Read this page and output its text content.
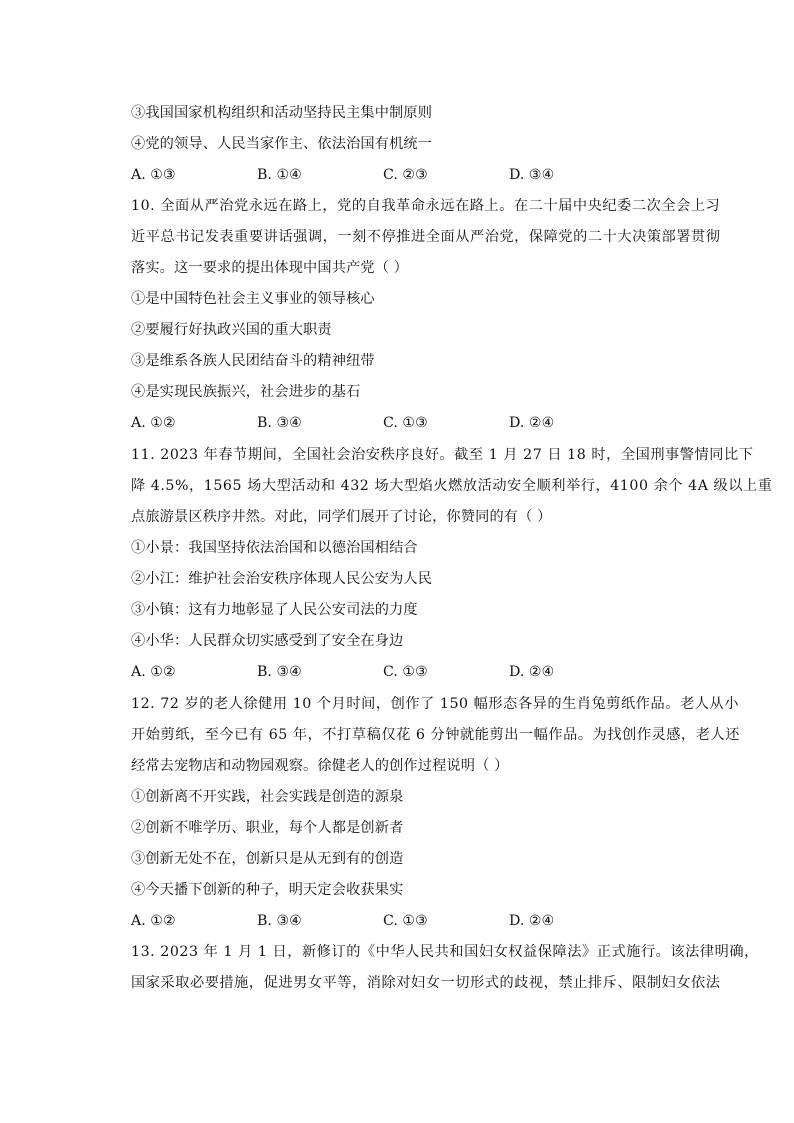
③我国国家机构组织和活动坚持民主集中制原则
④党的领导、人民当家作主、依法治国有机统一
A. ①③	B. ①④	C. ②③	D. ③④
10. 全面从严治党永远在路上，党的自我革命永远在路上。在二十届中央纪委二次全会上习
近平总书记发表重要讲话强调，一刻不停推进全面从严治党，保障党的二十大决策部署贯彻
落实。这一要求的提出体现中国共产党（ ）
①是中国特色社会主义事业的领导核心
②要履行好执政兴国的重大职责
③是维系各族人民团结奋斗的精神纽带
④是实现民族振兴，社会进步的基石
A. ①②	B. ③④	C. ①③	D. ②④
11. 2023 年春节期间，全国社会治安秩序良好。截至 1 月 27 日 18 时，全国刑事警情同比下
降 4.5%，1565 场大型活动和 432 场大型焰火燃放活动安全顺利举行，4100 余个 4A 级以上重
点旅游景区秩序井然。对此，同学们展开了讨论，你赞同的有（ ）
①小景：我国坚持依法治国和以德治国相结合
②小江：维护社会治安秩序体现人民公安为人民
③小镇：这有力地彰显了人民公安司法的力度
④小华：人民群众切实感受到了安全在身边
A. ①②	B. ③④	C. ①③	D. ②④
12. 72 岁的老人徐健用 10 个月时间，创作了 150 幅形态各异的生肖兔剪纸作品。老人从小
开始剪纸，至今已有 65 年，不打草稿仅花 6 分钟就能剪出一幅作品。为找创作灵感，老人还
经常去宠物店和动物园观察。徐健老人的创作过程说明（ ）
①创新离不开实践，社会实践是创造的源泉
②创新不唯学历、职业，每个人都是创新者
③创新无处不在，创新只是从无到有的创造
④今天播下创新的种子，明天定会收获果实
A. ①②	B. ③④	C. ①③	D. ②④
13. 2023 年 1 月 1 日，新修订的《中华人民共和国妇女权益保障法》正式施行。该法律明确，
国家采取必要措施，促进男女平等，消除对妇女一切形式的歧视，禁止排斥、限制妇女依法
